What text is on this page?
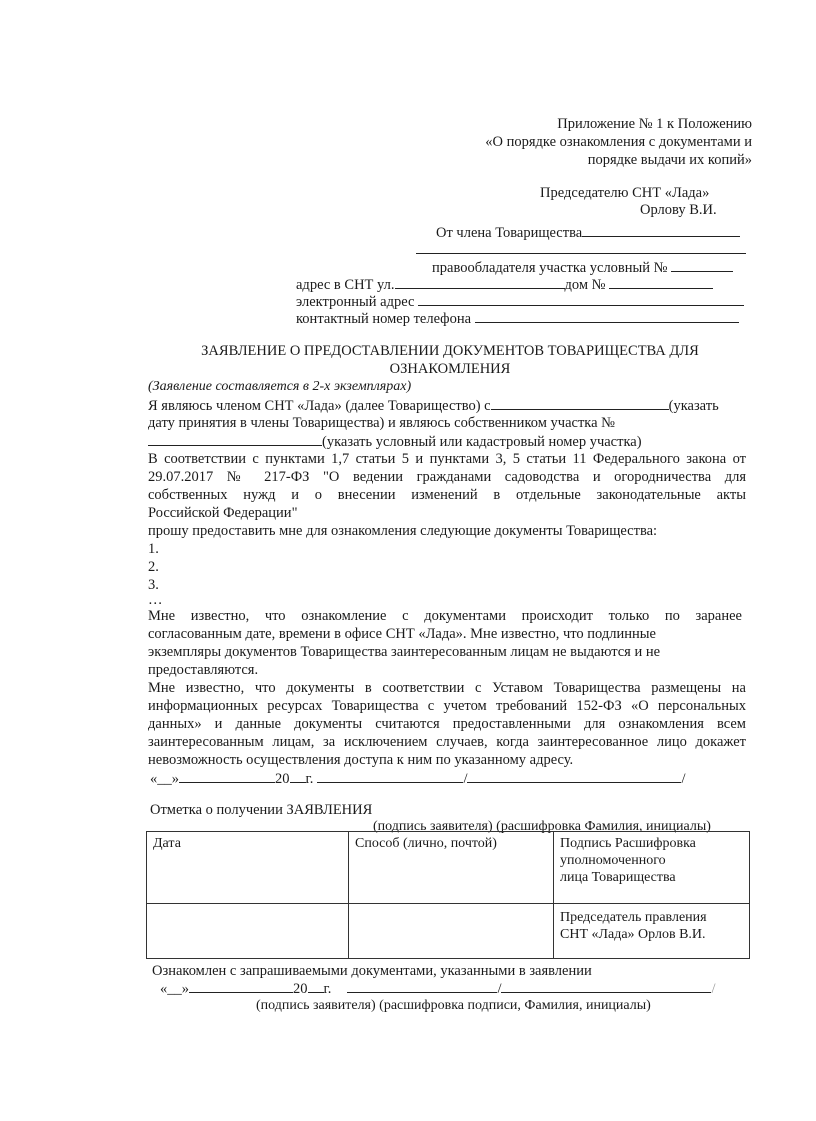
Приложение № 1 к Положению
«О порядке ознакомления с документами и
порядке выдачи их копий»
Председателю СНТ «Лада»
Орлову В.И.
От члена Товарищества
правообладателя участка условный №
адрес в СНТ ул.	дом №
электронный адрес
контактный номер телефона
ЗАЯВЛЕНИЕ О ПРЕДОСТАВЛЕНИИ ДОКУМЕНТОВ ТОВАРИЩЕСТВА ДЛЯ
ОЗНАКОМЛЕНИЯ
(Заявление составляется в 2-х экземплярах)
Я являюсь членом СНТ «Лада» (далее Товарищество) с	(указать
дату принятия в члены Товарищества) и являюсь собственником участка №
(указать условный или кадастровый номер участка)
В соответствии с пунктами 1,7 статьи 5 и пунктами 3, 5 статьи 11 Федерального закона от
29.07.2017 № 217-ФЗ "О ведении гражданами садоводства и огородничества для
собственных нужд и о внесении изменений в отдельные законодательные акты
Российской Федерации"
прошу предоставить мне для ознакомления следующие документы Товарищества:
1.
2.
3.
…
Мне известно, что ознакомление с документами происходит только по заранее
согласованным дате, времени в офисе СНТ «Лада». Мне известно, что подлинные
экземпляры документов Товарищества заинтересованным лицам не выдаются и не
предоставляются.
Мне известно, что документы в соответствии с Уставом Товарищества размещены на
информационных ресурсах Товарищества с учетом требований 152-ФЗ «О персональных
данных» и данные документы считаются предоставленными для ознакомления всем
заинтересованным лицам, за исключением случаев, когда заинтересованное лицо докажет
невозможность осуществления доступа к ним по указанному адресу.
«__»	20 г.	/	/
Отметка о получении ЗАЯВЛЕНИЯ
(подпись заявителя) (расшифровка Фамилия, инициалы)
Дата	Способ (лично, почтой)	Подпись Расшифровка
уполномоченного
лица Товарищества

		Председатель правления
СНТ «Лада» Орлов В.И.
Ознакомлен с запрашиваемыми документами, указанными в заявлении
«__»	20 г.	/	/
(подпись заявителя) (расшифровка подписи, Фамилия, инициалы)
